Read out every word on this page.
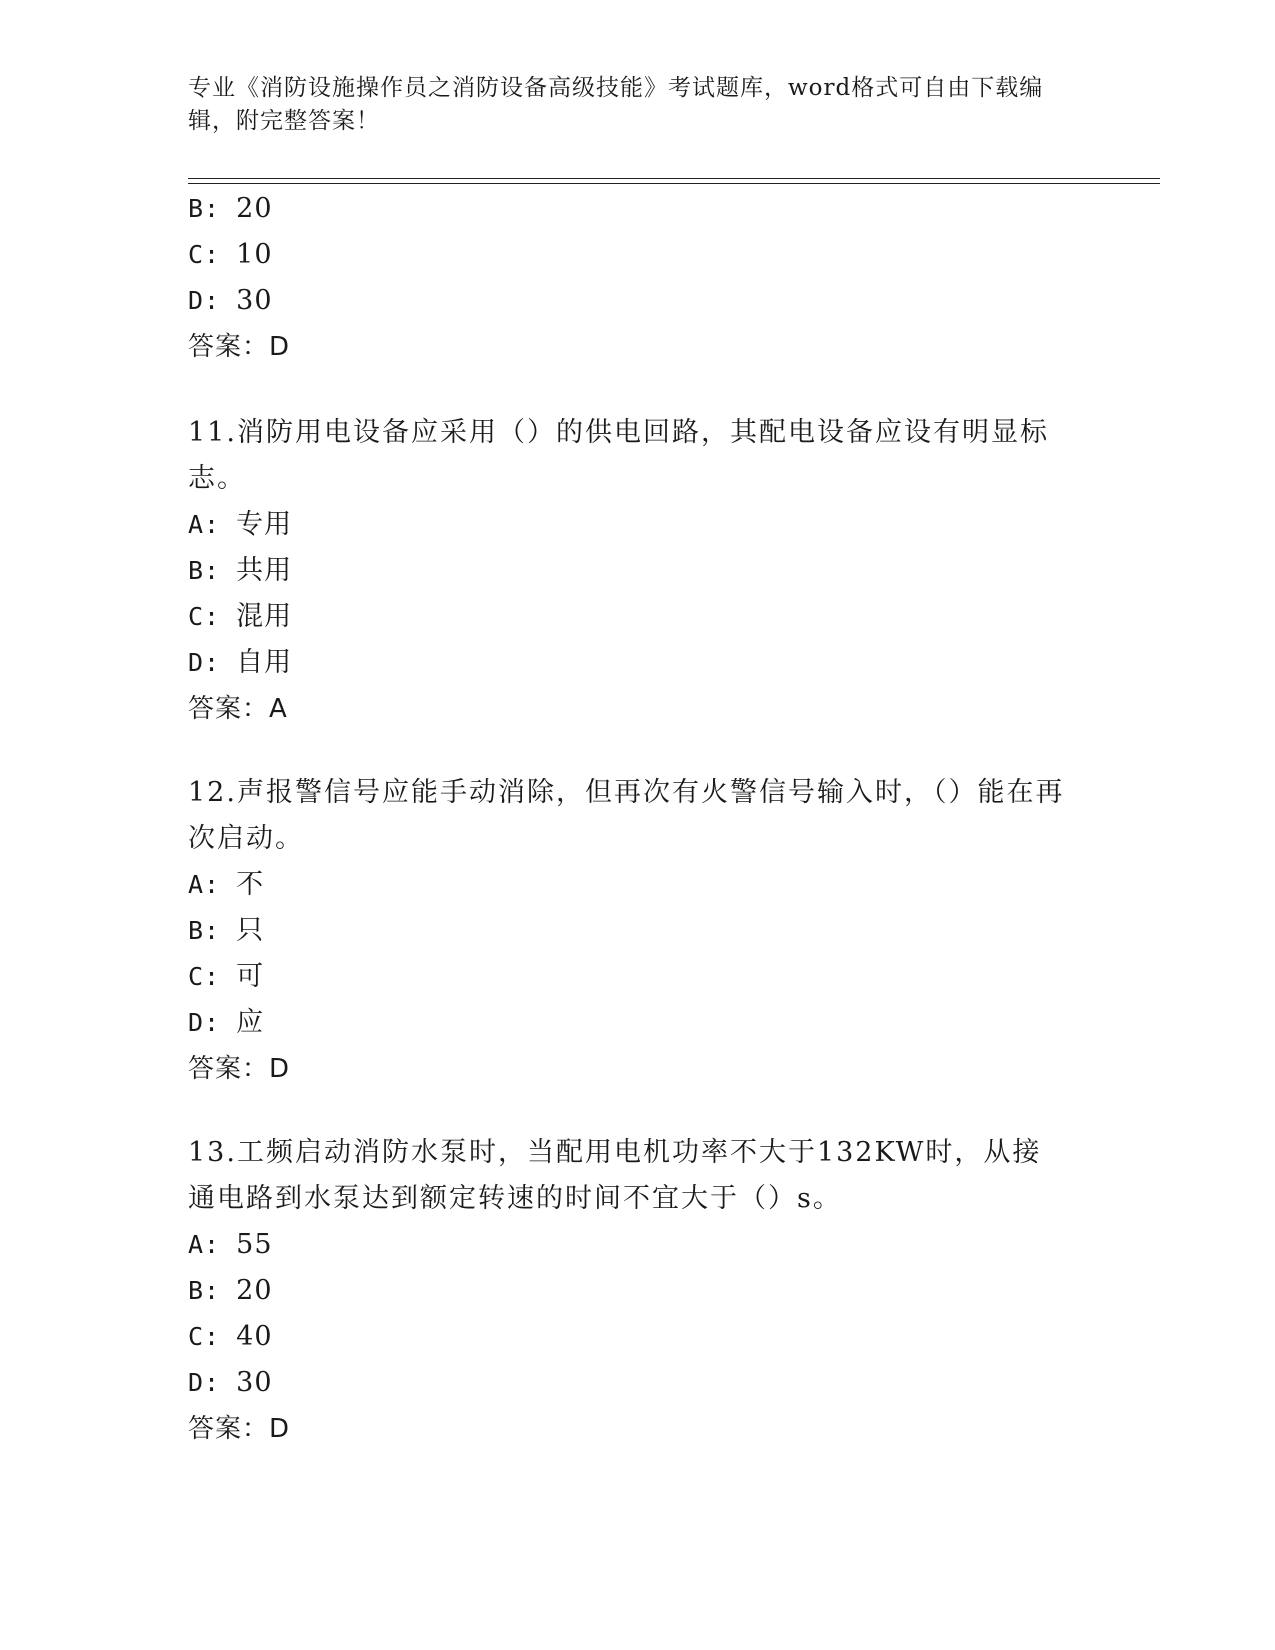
专业《消防设施操作员之消防设备高级技能》考试题库，word格式可自由下载编辑，附完整答案！
B: 20
C: 10
D: 30
答案：D
11.消防用电设备应采用（）的供电回路，其配电设备应设有明显标志。
A: 专用
B: 共用
C: 混用
D: 自用
答案：A
12.声报警信号应能手动消除，但再次有火警信号输入时，（）能在再次启动。
A: 不
B: 只
C: 可
D: 应
答案：D
13.工频启动消防水泵时，当配用电机功率不大于132KW时，从接通电路到水泵达到额定转速的时间不宜大于（）s。
A: 55
B: 20
C: 40
D: 30
答案：D
